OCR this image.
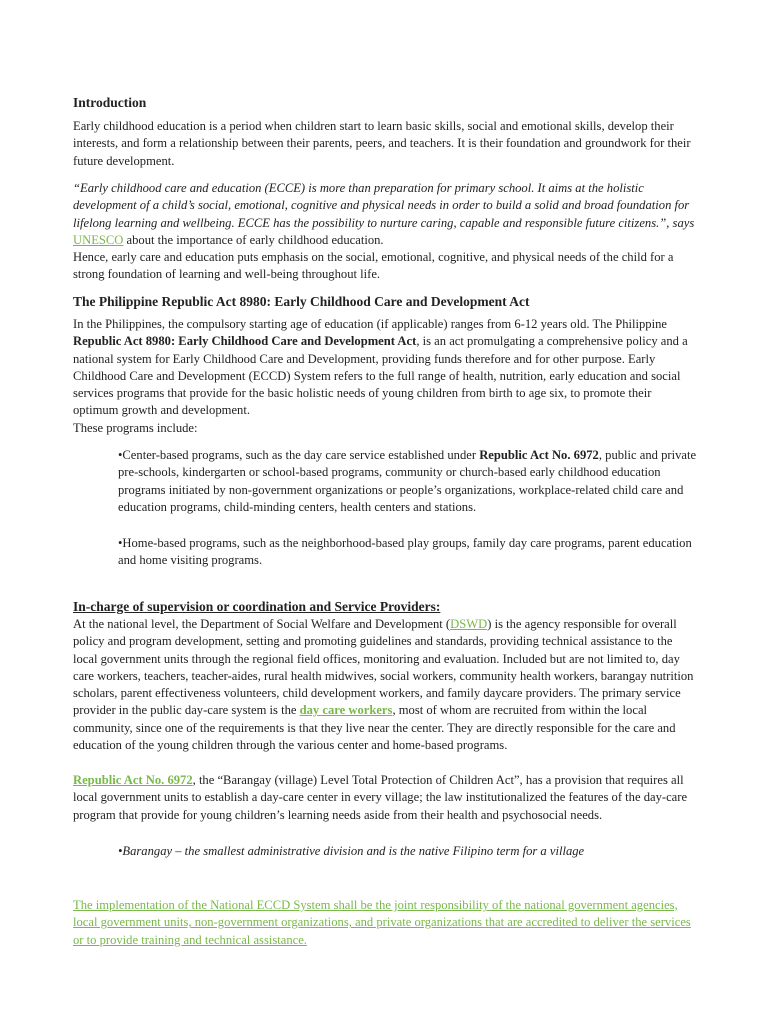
Introduction

Early childhood education is a period when children start to learn basic skills, social and emotional skills, develop their interests, and form a relationship between their parents, peers, and teachers. It is their foundation and groundwork for their future development.

“Early childhood care and education (ECCE) is more than preparation for primary school. It aims at the holistic development of a child’s social, emotional, cognitive and physical needs in order to build a solid and broad foundation for lifelong learning and wellbeing. ECCE has the possibility to nurture caring, capable and responsible future citizens.”, says UNESCO about the importance of early childhood education.

Hence, early care and education puts emphasis on the social, emotional, cognitive, and physical needs of the child for a strong foundation of learning and well-being throughout life.

The Philippine Republic Act 8980: Early Childhood Care and Development Act

In the Philippines, the compulsory starting age of education (if applicable) ranges from 6-12 years old. The Philippine Republic Act 8980: Early Childhood Care and Development Act, is an act promulgating a comprehensive policy and a national system for Early Childhood Care and Development, providing funds therefore and for other purpose. Early Childhood Care and Development (ECCD) System refers to the full range of health, nutrition, early education and social services programs that provide for the basic holistic needs of young children from birth to age six, to promote their optimum growth and development.
These programs include:

•Center-based programs, such as the day care service established under Republic Act No. 6972, public and private pre-schools, kindergarten or school-based programs, community or church-based early childhood education programs initiated by non-government organizations or people’s organizations, workplace-related child care and education programs, child-minding centers, health centers and stations.

•Home-based programs, such as the neighborhood-based play groups, family day care programs, parent education and home visiting programs.

In-charge of supervision or coordination and Service Providers:

At the national level, the Department of Social Welfare and Development (DSWD) is the agency responsible for overall policy and program development, setting and promoting guidelines and standards, providing technical assistance to the local government units through the regional field offices, monitoring and evaluation. Included but are not limited to, day care workers, teachers, teacher-aides, rural health midwives, social workers, community health workers, barangay nutrition scholars, parent effectiveness volunteers, child development workers, and family daycare providers. The primary service provider in the public day-care system is the day care workers, most of whom are recruited from within the local community, since one of the requirements is that they live near the center. They are directly responsible for the care and education of the young children through the various center and home-based programs.

Republic Act No. 6972, the “Barangay (village) Level Total Protection of Children Act”, has a provision that requires all local government units to establish a day-care center in every village; the law institutionalized the features of the day-care program that provide for young children’s learning needs aside from their health and psychosocial needs.

•Barangay – the smallest administrative division and is the native Filipino term for a village

The implementation of the National ECCD System shall be the joint responsibility of the national government agencies, local government units, non-government organizations, and private organizations that are accredited to deliver the services or to provide training and technical assistance.
